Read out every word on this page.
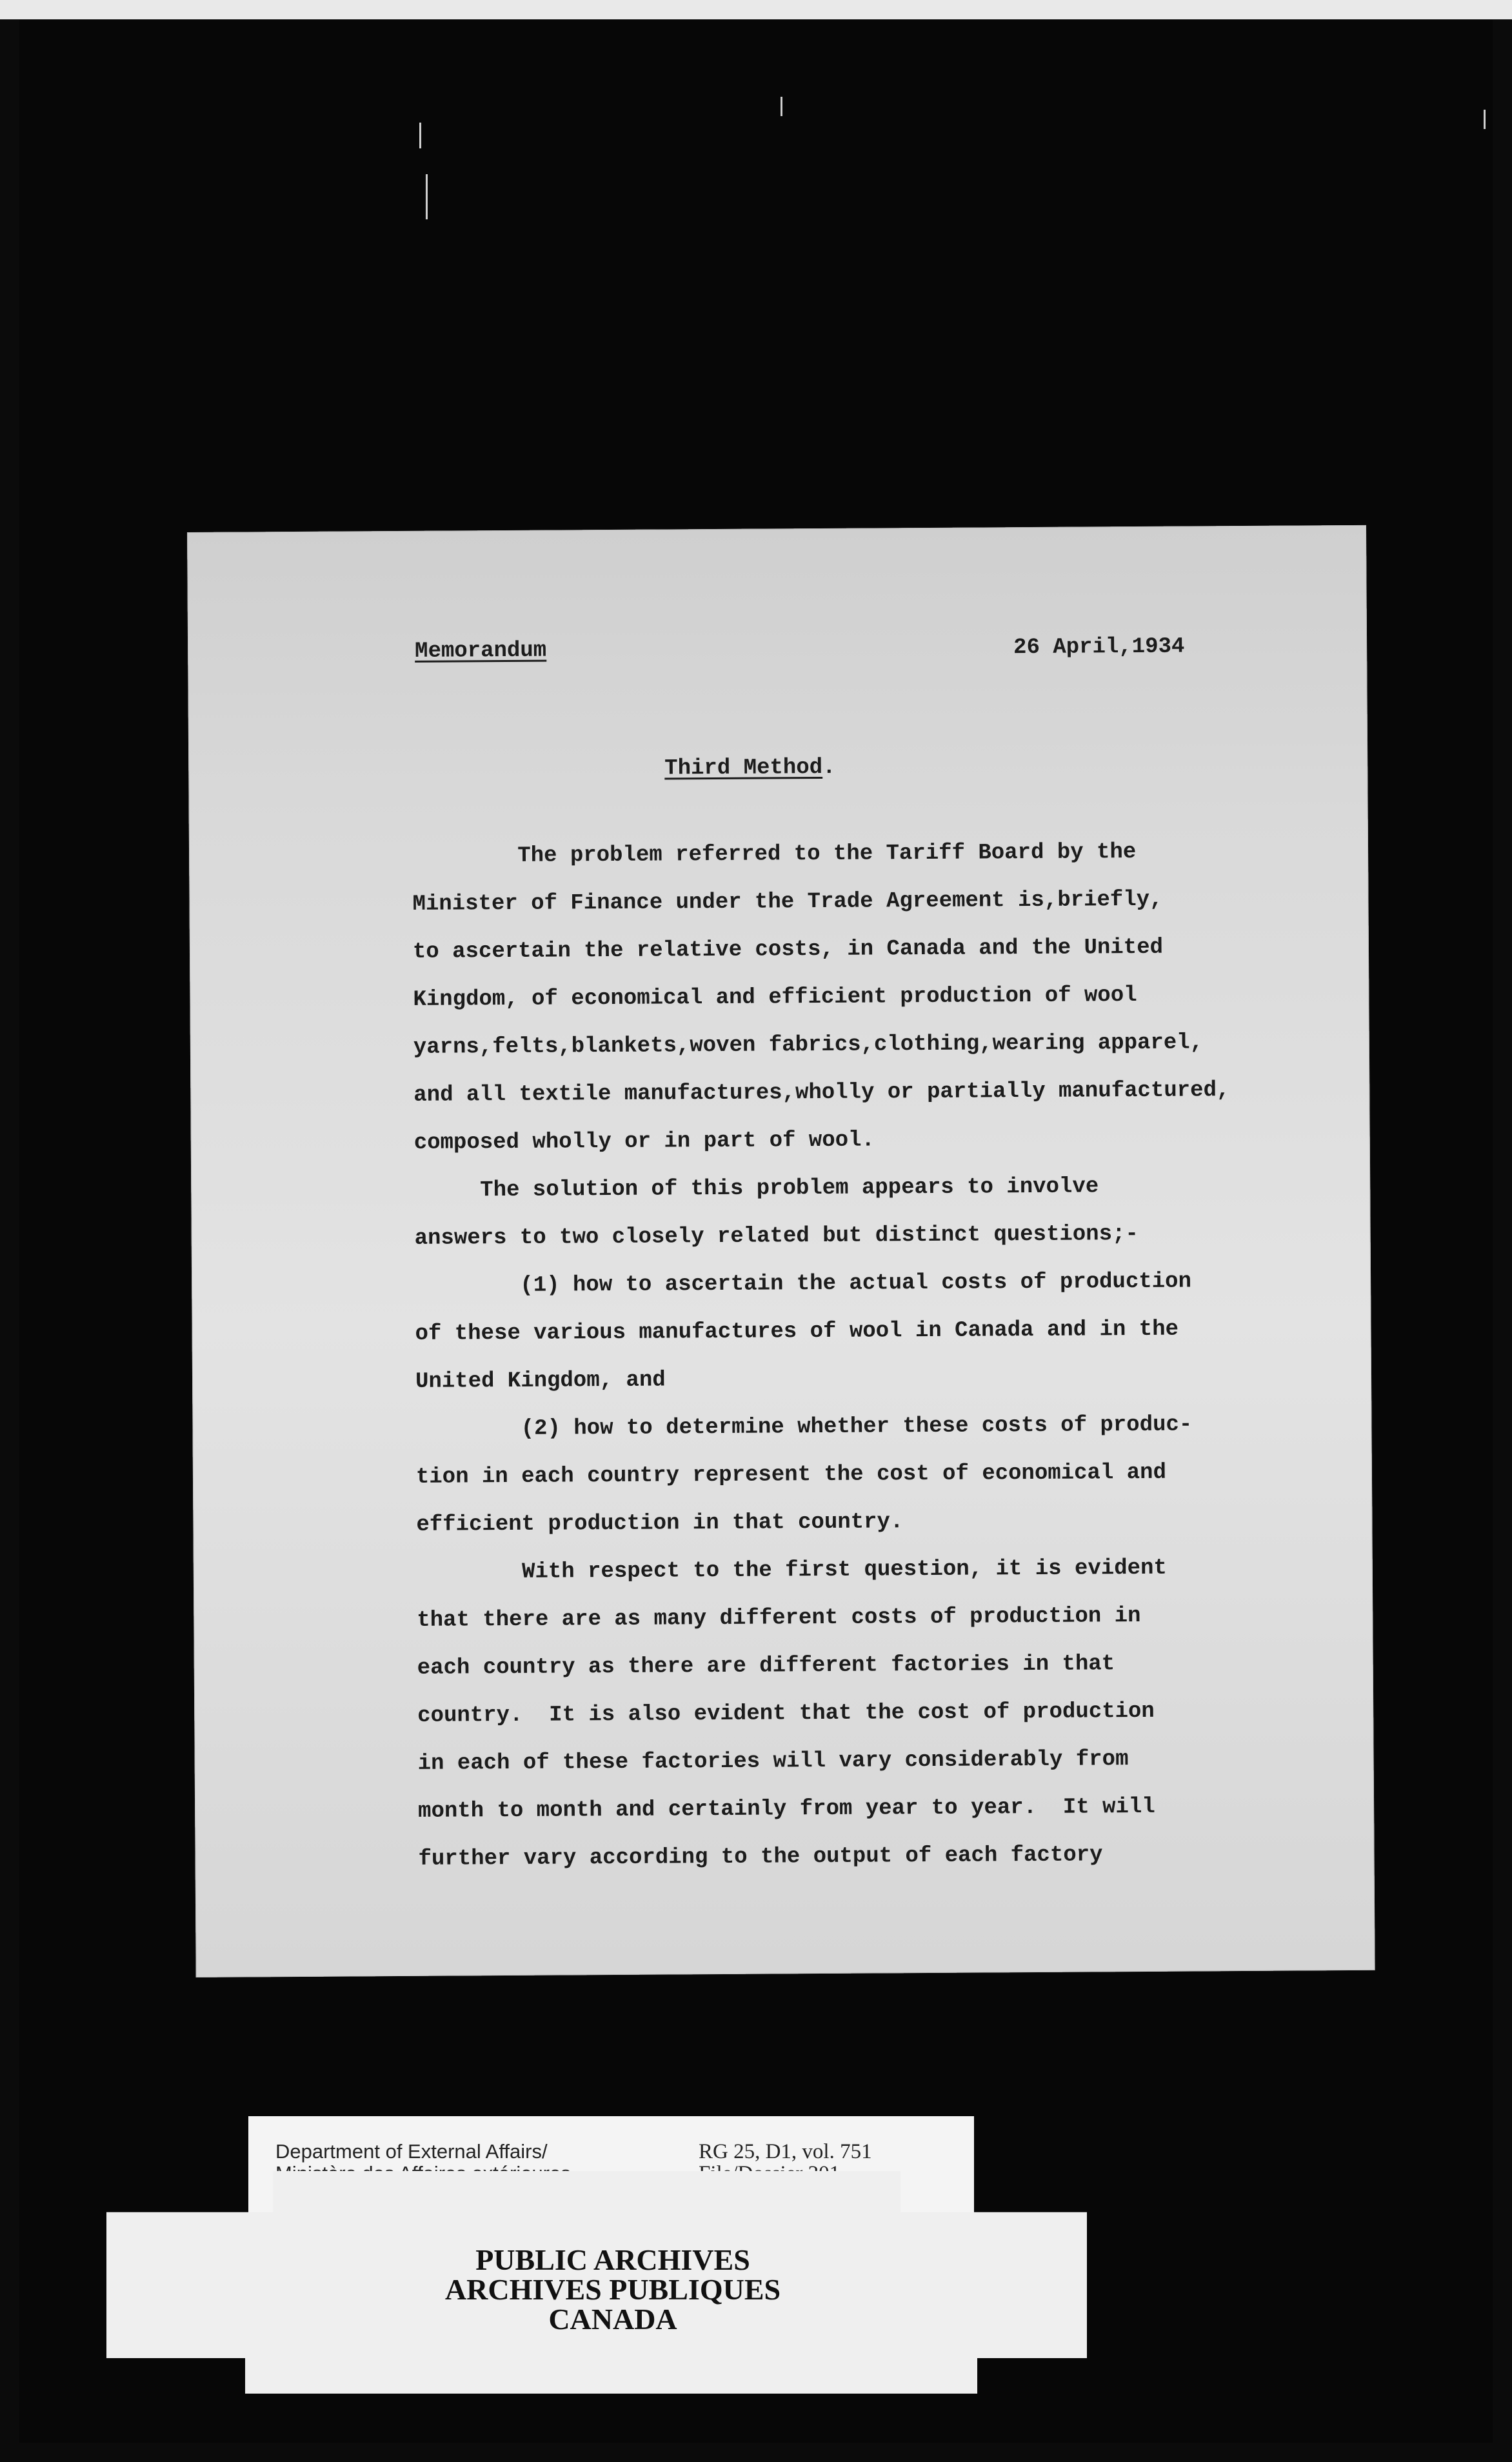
Memorandum	26 April,1934
Third Method.
The problem referred to the Tariff Board by the
Minister of Finance under the Trade Agreement is,briefly,
to ascertain the relative costs, in Canada and the United
Kingdom, of economical and efficient production of wool
yarns,felts,blankets,woven fabrics,clothing,wearing apparel,
and all textile manufactures,wholly or partially manufactured,
composed wholly or in part of wool.
The solution of this problem appears to involve
answers to two closely related but distinct questions;-
(1) how to ascertain the actual costs of production
of these various manufactures of wool in Canada and in the
United Kingdom, and
(2) how to determine whether these costs of produc-
tion in each country represent the cost of economical and
efficient production in that country.
With respect to the first question, it is evident
that there are as many different costs of production in
each country as there are different factories in that
country.  It is also evident that the cost of production
in each of these factories will vary considerably from
month to month and certainly from year to year.  It will
further vary according to the output of each factory
Department of External Affairs/	RG 25, D1, vol. 751
PUBLIC ARCHIVES
ARCHIVES PUBLIQUES
CANADA
